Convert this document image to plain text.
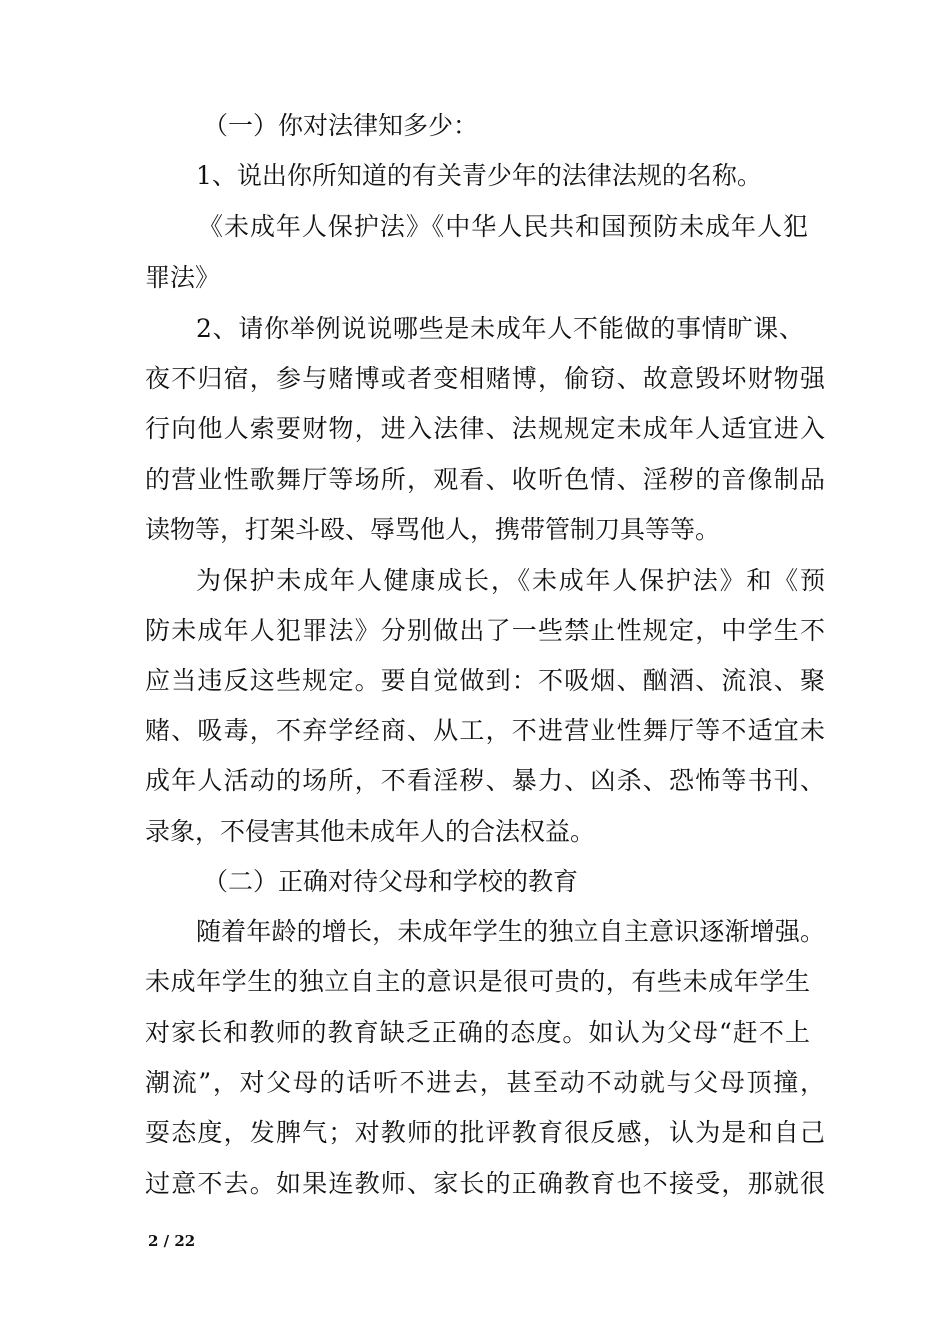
（一）你对法律知多少：
1、说出你所知道的有关青少年的法律法规的名称。
《未成年人保护法》《中华人民共和国预防未成年人犯
罪法》
2、请你举例说说哪些是未成年人不能做的事情旷课、
夜不归宿，参与赌博或者变相赌博，偷窃、故意毁坏财物强
行向他人索要财物，进入法律、法规规定未成年人适宜进入
的营业性歌舞厅等场所，观看、收听色情、淫秽的音像制品
读物等，打架斗殴、辱骂他人，携带管制刀具等等。
为保护未成年人健康成长，《未成年人保护法》和《预
防未成年人犯罪法》分别做出了一些禁止性规定，中学生不
应当违反这些规定。要自觉做到：不吸烟、酗酒、流浪、聚
赌、吸毒，不弃学经商、从工，不进营业性舞厅等不适宜未
成年人活动的场所，不看淫秽、暴力、凶杀、恐怖等书刊、
录象，不侵害其他未成年人的合法权益。
（二）正确对待父母和学校的教育
随着年龄的增长，未成年学生的独立自主意识逐渐增强。
未成年学生的独立自主的意识是很可贵的，有些未成年学生
对家长和教师的教育缺乏正确的态度。如认为父母“赶不上
潮流”，对父母的话听不进去，甚至动不动就与父母顶撞，
耍态度，发脾气；对教师的批评教育很反感，认为是和自己
过意不去。如果连教师、家长的正确教育也不接受，那就很
2 / 22
